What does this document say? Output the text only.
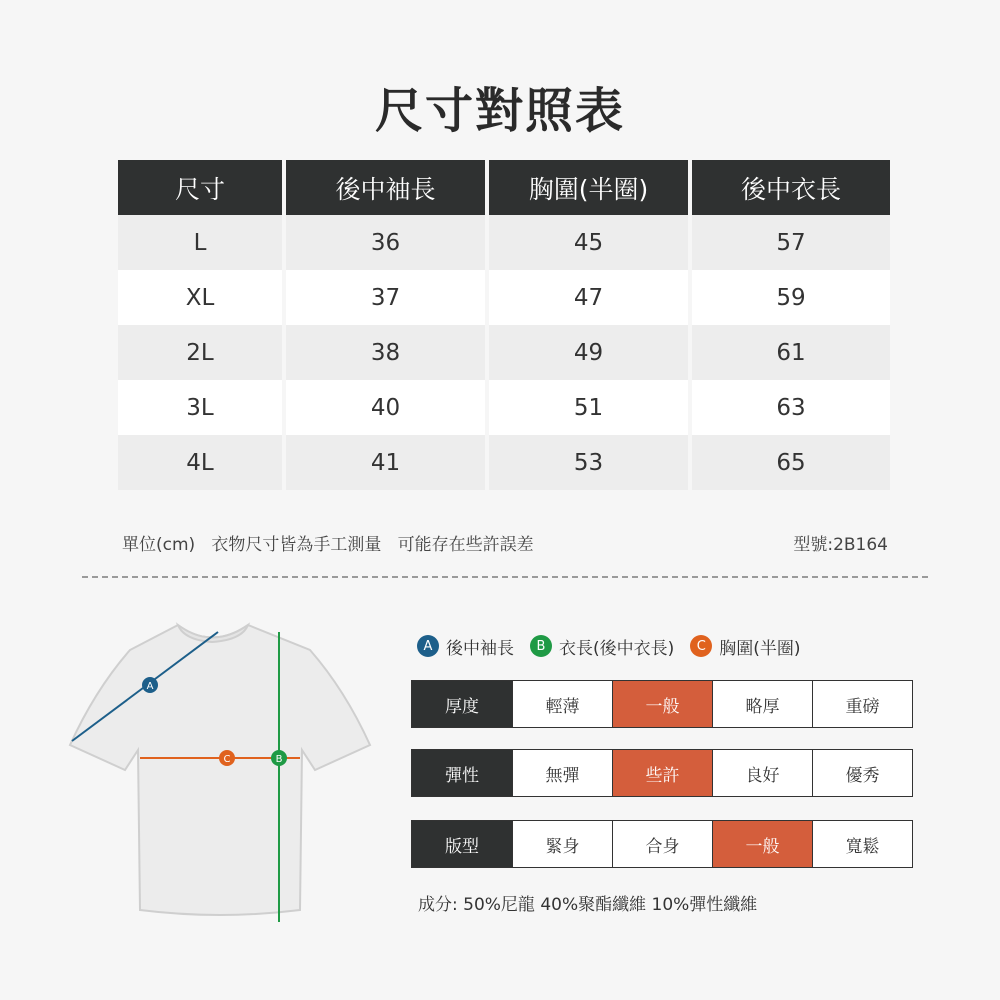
尺寸對照表
尺寸	後中袖長	胸圍(半圈)	後中衣長
L	36	45	57
XL	37	47	59
2L	38	49	61
3L	40	51	63
4L	41	53	65
單位(cm)   衣物尺寸皆為手工測量   可能存在些許誤差	型號:2B164
A
C	B
A 後中袖長	B 衣長(後中衣長)	C 胸圍(半圈)
厚度	輕薄	一般	略厚	重磅
彈性	無彈	些許	良好	優秀
版型	緊身	合身	一般	寬鬆
成分: 50%尼龍 40%聚酯纖維 10%彈性纖維
